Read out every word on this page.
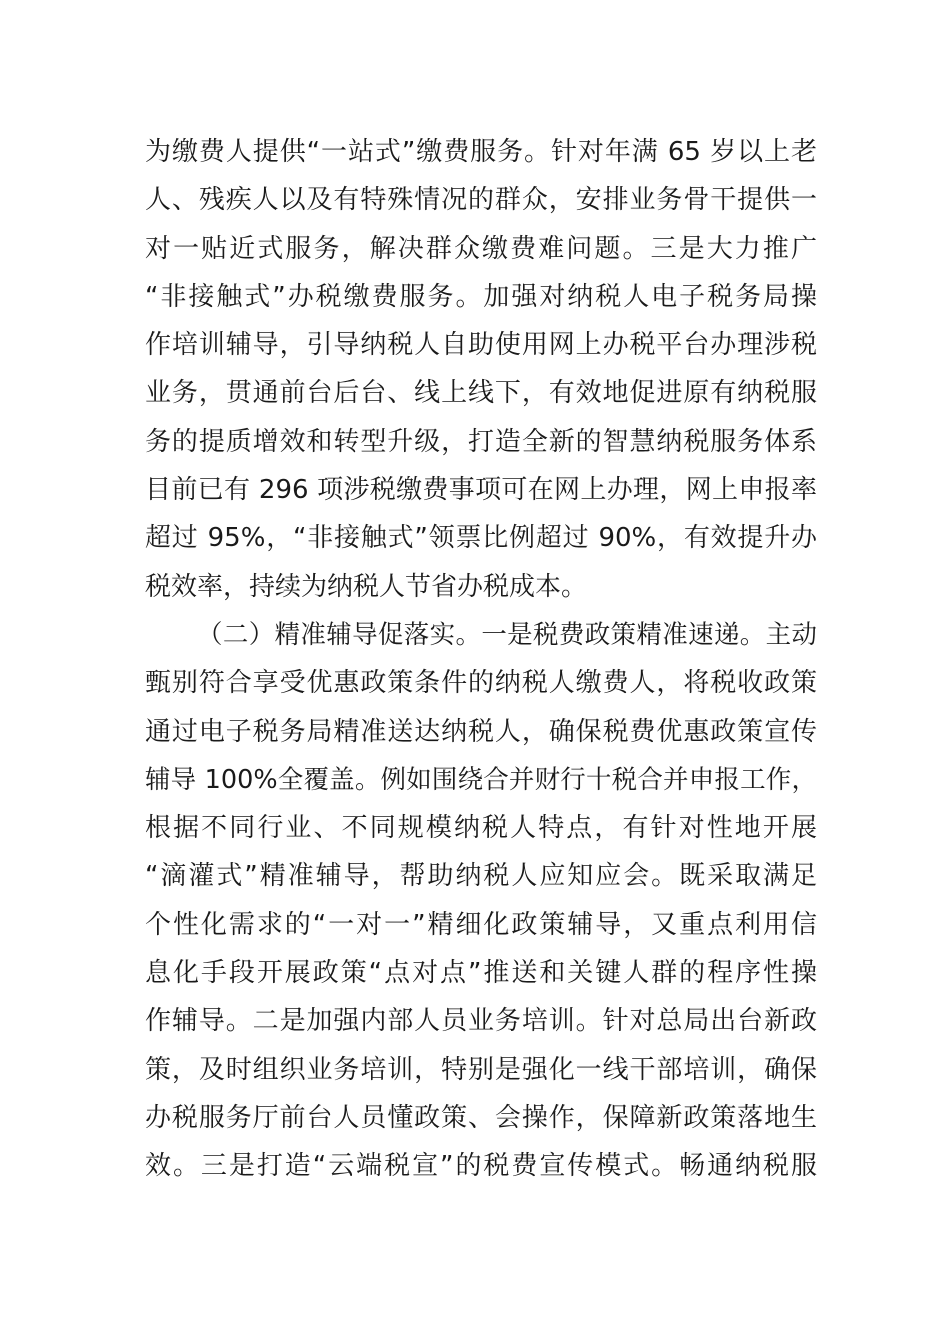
为缴费人提供“一站式”缴费服务。针对年满 65 岁以上老
人、残疾人以及有特殊情况的群众，安排业务骨干提供一
对一贴近式服务，解决群众缴费难问题。三是大力推广
“非接触式”办税缴费服务。加强对纳税人电子税务局操
作培训辅导，引导纳税人自助使用网上办税平台办理涉税
业务，贯通前台后台、线上线下，有效地促进原有纳税服
务的提质增效和转型升级，打造全新的智慧纳税服务体系
目前已有 296 项涉税缴费事项可在网上办理，网上申报率
超过 95%，“非接触式”领票比例超过 90%，有效提升办
税效率，持续为纳税人节省办税成本。
（二）精准辅导促落实。一是税费政策精准速递。主动
甄别符合享受优惠政策条件的纳税人缴费人，将税收政策
通过电子税务局精准送达纳税人，确保税费优惠政策宣传
辅导 100%全覆盖。例如围绕合并财行十税合并申报工作，
根据不同行业、不同规模纳税人特点，有针对性地开展
“滴灌式”精准辅导，帮助纳税人应知应会。既采取满足
个性化需求的“一对一”精细化政策辅导，又重点利用信
息化手段开展政策“点对点”推送和关键人群的程序性操
作辅导。二是加强内部人员业务培训。针对总局出台新政
策，及时组织业务培训，特别是强化一线干部培训，确保
办税服务厅前台人员懂政策、会操作，保障新政策落地生
效。三是打造“云端税宣”的税费宣传模式。畅通纳税服
